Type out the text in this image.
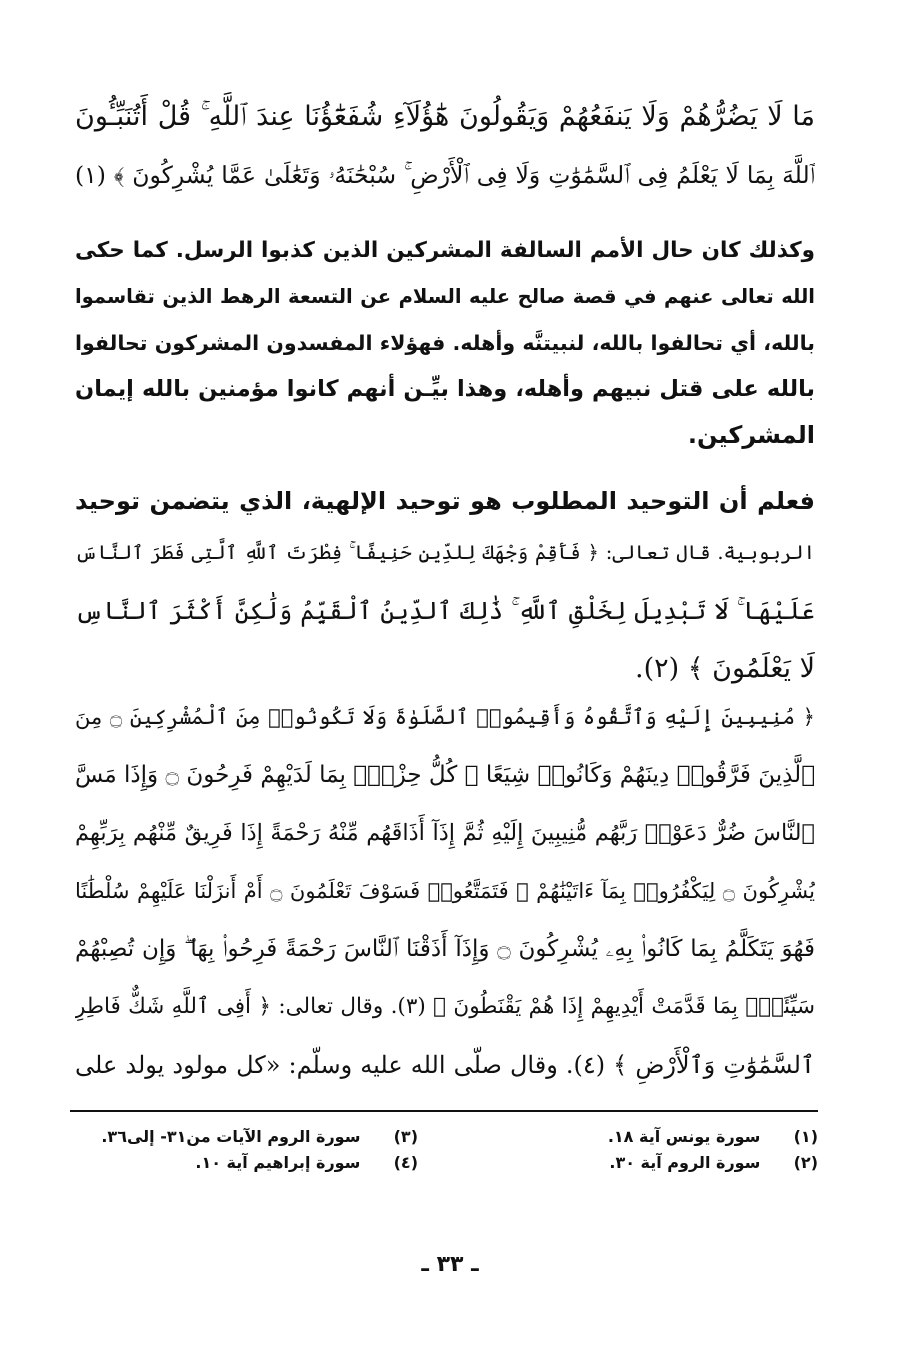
مَا لَا يَضُرُّهُمْ وَلَا يَنفَعُهُمْ وَيَقُولُونَ هَٰٓؤُلَآءِ شُفَعَٰٓؤُنَا عِندَ ٱللَّهِ ۚ قُلْ أَتُنَبِّـُٔونَ
ٱللَّهَ بِمَا لَا يَعْلَمُ فِى ٱلسَّمَٰوَٰتِ وَلَا فِى ٱلْأَرْضِ ۚ سُبْحَٰنَهُۥ وَتَعَٰلَىٰ عَمَّا يُشْرِكُونَ ﴾ (١)
وكذلك كان حال الأمم السالفة المشركين الذين كذبوا الرسل. كما حكى
الله تعالى عنهم في قصة صالح عليه السلام عن التسعة الرهط الذين تقاسموا
بالله، أي تحالفوا بالله، لنبيتنَّه وأهله. فهؤلاء المفسدون المشركون تحالفوا
بالله على قتل نبيهم وأهله، وهذا بيِّـن أنهم كانوا مؤمنين بالله إيمان
المشركين.
فعلم أن التوحيد المطلوب هو توحيد الإلهية، الذي يتضمن توحيد
الربوبية. قال تعالى: ﴿ فَأَقِمْ وَجْهَكَ لِلدِّينِ حَنِيفًا ۚ فِطْرَتَ ٱللَّهِ ٱلَّتِى فَطَرَ ٱلنَّاسَ
عَلَيْهَا ۚ لَا تَبْدِيلَ لِخَلْقِ ٱللَّهِ ۚ ذَٰلِكَ ٱلدِّينُ ٱلْقَيِّمُ وَلَٰكِنَّ أَكْثَرَ ٱلنَّاسِ
لَا يَعْلَمُونَ ﴾ (٢).
﴿ مُنِيبِينَ إِلَيْهِ وَٱتَّقُوهُ وَأَقِيمُوا۟ ٱلصَّلَوٰةَ وَلَا تَكُونُوا۟ مِنَ ٱلْمُشْرِكِينَ ۝ مِنَ
ٱلَّذِينَ فَرَّقُوا۟ دِينَهُمْ وَكَانُوا۟ شِيَعًا ۖ كُلُّ حِزْبٍۭ بِمَا لَدَيْهِمْ فَرِحُونَ ۝ وَإِذَا مَسَّ
ٱلنَّاسَ ضُرٌّ دَعَوْا۟ رَبَّهُم مُّنِيبِينَ إِلَيْهِ ثُمَّ إِذَآ أَذَاقَهُم مِّنْهُ رَحْمَةً إِذَا فَرِيقٌ مِّنْهُم بِرَبِّهِمْ
يُشْرِكُونَ ۝ لِيَكْفُرُوا۟ بِمَآ ءَاتَيْنَٰهُمْ ۚ فَتَمَتَّعُوا۟ فَسَوْفَ تَعْلَمُونَ ۝ أَمْ أَنزَلْنَا عَلَيْهِمْ سُلْطَٰنًا
فَهُوَ يَتَكَلَّمُ بِمَا كَانُوا۟ بِهِۦ يُشْرِكُونَ ۝ وَإِذَآ أَذَقْنَا ٱلنَّاسَ رَحْمَةً فَرِحُوا۟ بِهَا ۖ وَإِن تُصِبْهُمْ
سَيِّئَةٌۢ بِمَا قَدَّمَتْ أَيْدِيهِمْ إِذَا هُمْ يَقْنَطُونَ ﴾ (٣). وقال تعالى: ﴿ أَفِى ٱللَّهِ شَكٌّ فَاطِرِ
ٱلسَّمَٰوَٰتِ وَٱلْأَرْضِ ﴾ (٤). وقال صلّى الله عليه وسلّم: «كل مولود يولد على
(١) سورة يونس آية ١٨.
(٢) سورة الروم آية ٣٠.
(٣) سورة الروم الآيات من٣١- إلى٣٦.
(٤) سورة إبراهيم آية ١٠.
ـ ٣٣ ـ
